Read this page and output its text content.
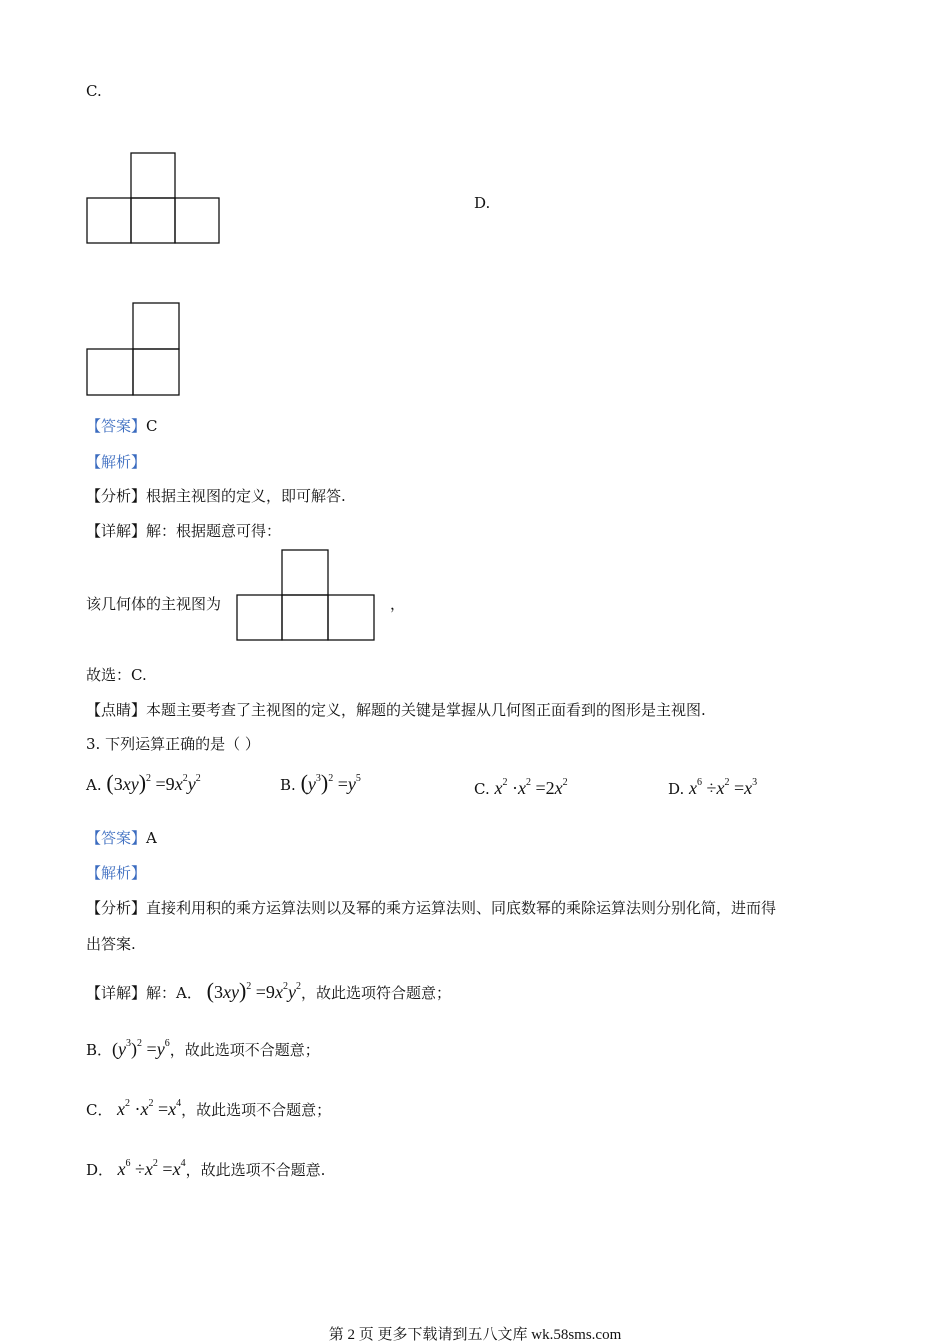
C.
D.
【答案】C
【解析】
【分析】根据主视图的定义，即可解答.
【详解】解：根据题意可得：
该几何体的主视图为	，
故选：C.
【点睛】本题主要考查了主视图的定义，解题的关键是掌握从几何图正面看到的图形是主视图.
3. 下列运算正确的是（ ）
A. $(3xy)^2 =9x^2y^2$	B. $(y^3)^2 =y^5$
C. $x^2 \cdot x^2 =2x^2$	D. $x^6 \div x^2 =x^3$
【答案】A
【解析】
【分析】直接利用积的乘方运算法则以及幂的乘方运算法则、同底数幂的乘除运算法则分别化简，进而得
出答案.
【详解】解：A． $(3xy)^2 =9x^2y^2$，故此选项符合题意；
B．$(y^3)^2 =y^6$，故此选项不合题意；
C． $x^2 \cdot x^2 =x^4$，故此选项不合题意；
D． $x^6 \div x^2 =x^4$，故此选项不合题意.
第 2 页 更多下载请到五八文库 wk.58sms.com
